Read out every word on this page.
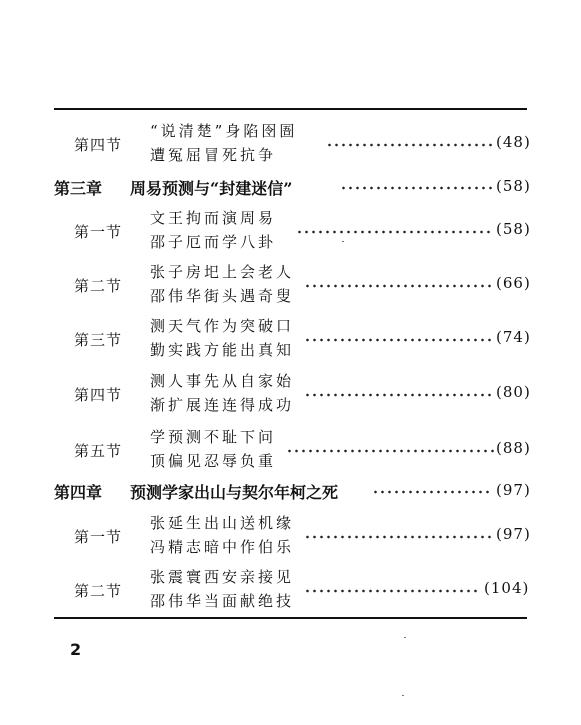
第四节
“说清楚”身陷囹圄
遭冤屈冒死抗争
(48)
第三章 周易预测与“封建迷信”	(58)
第一节
文王拘而演周易
邵子厄而学八卦
(58)
第二节
张子房圯上会老人
邵伟华街头遇奇叟
(66)
第三节
测天气作为突破口
勤实践方能出真知
(74)
第四节
测人事先从自家始
渐扩展连连得成功
(80)
第五节
学预测不耻下问
顶偏见忍辱负重
(88)
第四章 预测学家出山与契尔年柯之死	(97)
第一节
张延生出山送机缘
冯精志暗中作伯乐
(97)
第二节
张震寰西安亲接见
邵伟华当面献绝技
(104)
2
